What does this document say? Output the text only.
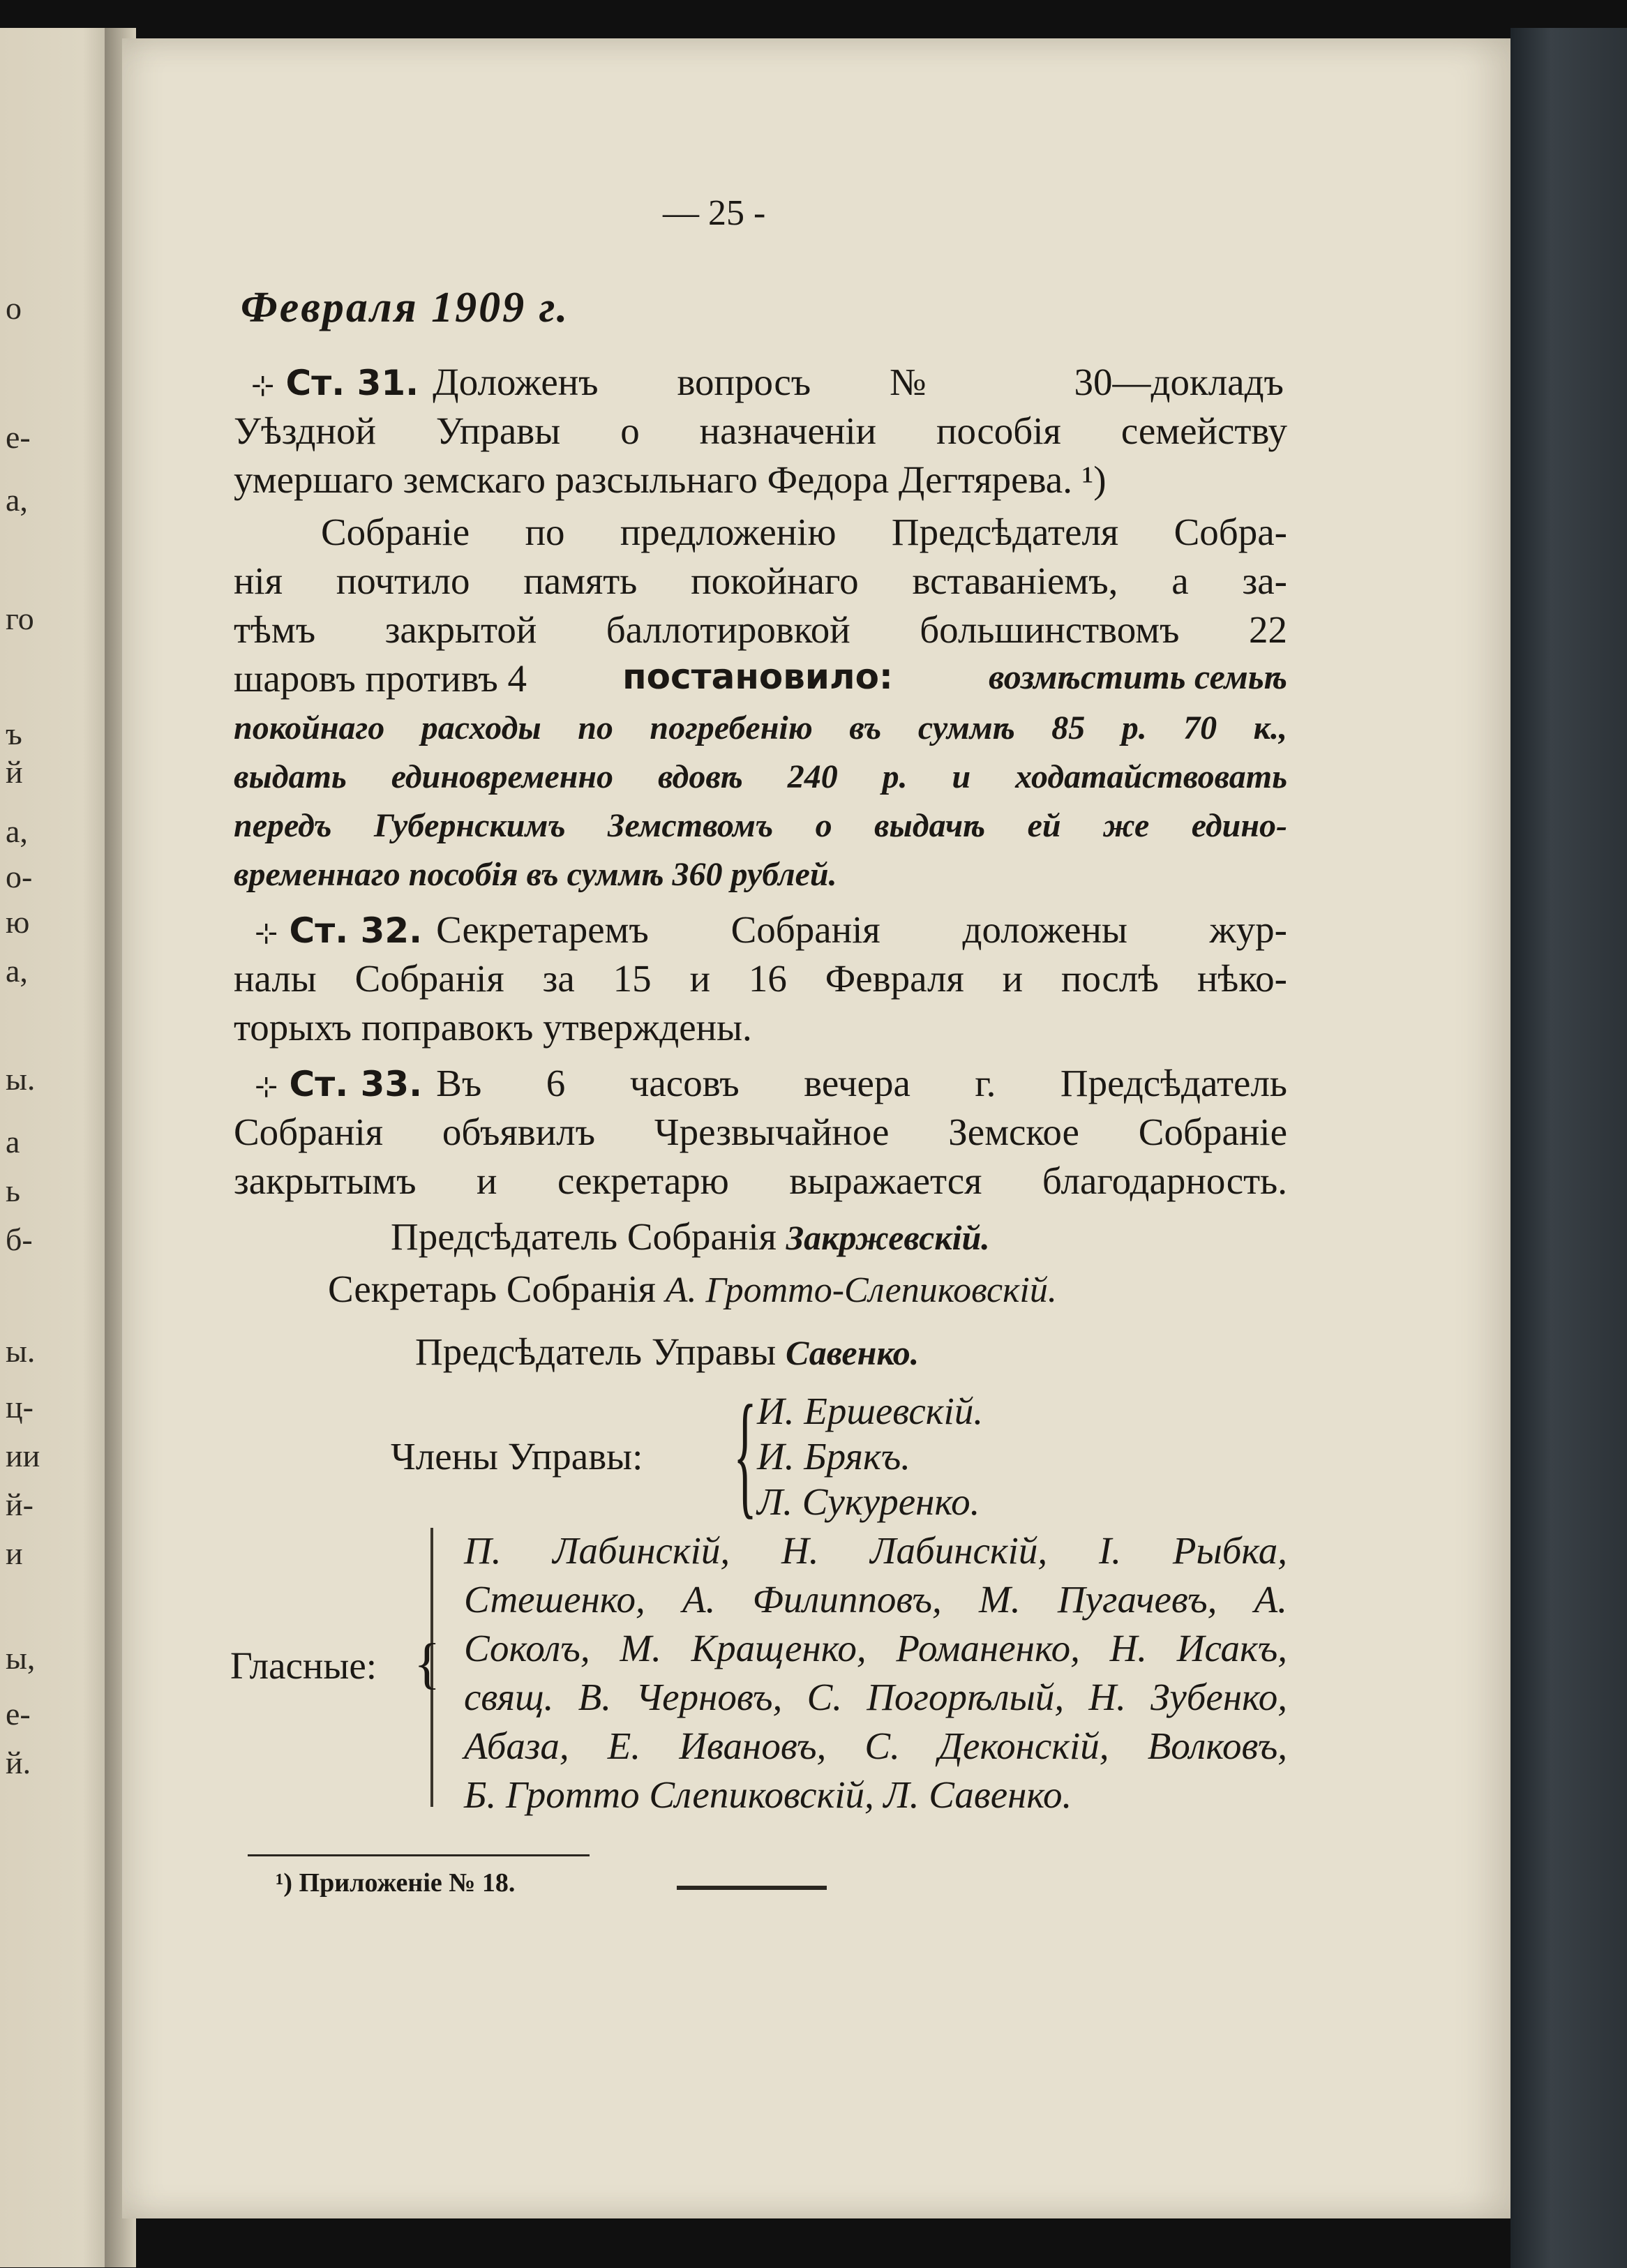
о
е-
а,
го
ъ
й
а,
о-
ю
а,
ы.
а
ь
б-
ы.
ц-
ии
й-
и
ы,
е-
й.
— 25 -
Февраля 1909 г.
⊹ Ст. 31. Доложенъ вопросъ № 30—докладъ
Уѣздной Управы о назначеніи пособія семейству
умершаго земскаго разсыльнаго Федора Дегтярева. ¹)
Собраніе по предложенію Предсѣдателя Собра-
нія почтило память покойнаго вставаніемъ, а за-
тѣмъ закрытой баллотировкой большинствомъ 22
шаровъ противъ 4	постановило:	возмѣстить семьѣ
покойнаго расходы по погребенію въ суммѣ 85 р. 70 к.,
выдать единовременно вдовѣ 240 р. и ходатайствовать
передъ Губернскимъ Земствомъ о выдачѣ ей же едино-
временнаго пособія въ суммѣ 360 рублей.
⊹ Ст. 32. Секретаремъ Собранія доложены жур-
налы Собранія за 15 и 16 Февраля и послѣ нѣко-
торыхъ поправокъ утверждены.
⊹ Ст. 33. Въ 6 часовъ вечера г. Предсѣдатель
Собранія объявилъ Чрезвычайное Земское Собраніе
закрытымъ и секретарю выражается благодарность.
Предсѣдатель Собранія Закржевскій.
Секретарь Собранія А. Гротто-Слепиковскій.
Предсѣдатель Управы Савенко.
Члены Управы: { И. Ершевскій.
И. Брякъ.
Л. Сукуренко.
Гласные: {
П. Лабинскій, Н. Лабинскій, І. Рыбка,
Стешенко, А. Филипповъ, М. Пугачевъ, А.
Соколъ, М. Кращенко, Романенко, Н. Исакъ,
свящ. В. Черновъ, С. Погорѣлый, Н. Зубенко,
Абаза, Е. Ивановъ, С. Деконскій, Волковъ,
Б. Гротто Слепиковскій, Л. Савенко.
¹) Приложеніе № 18.
